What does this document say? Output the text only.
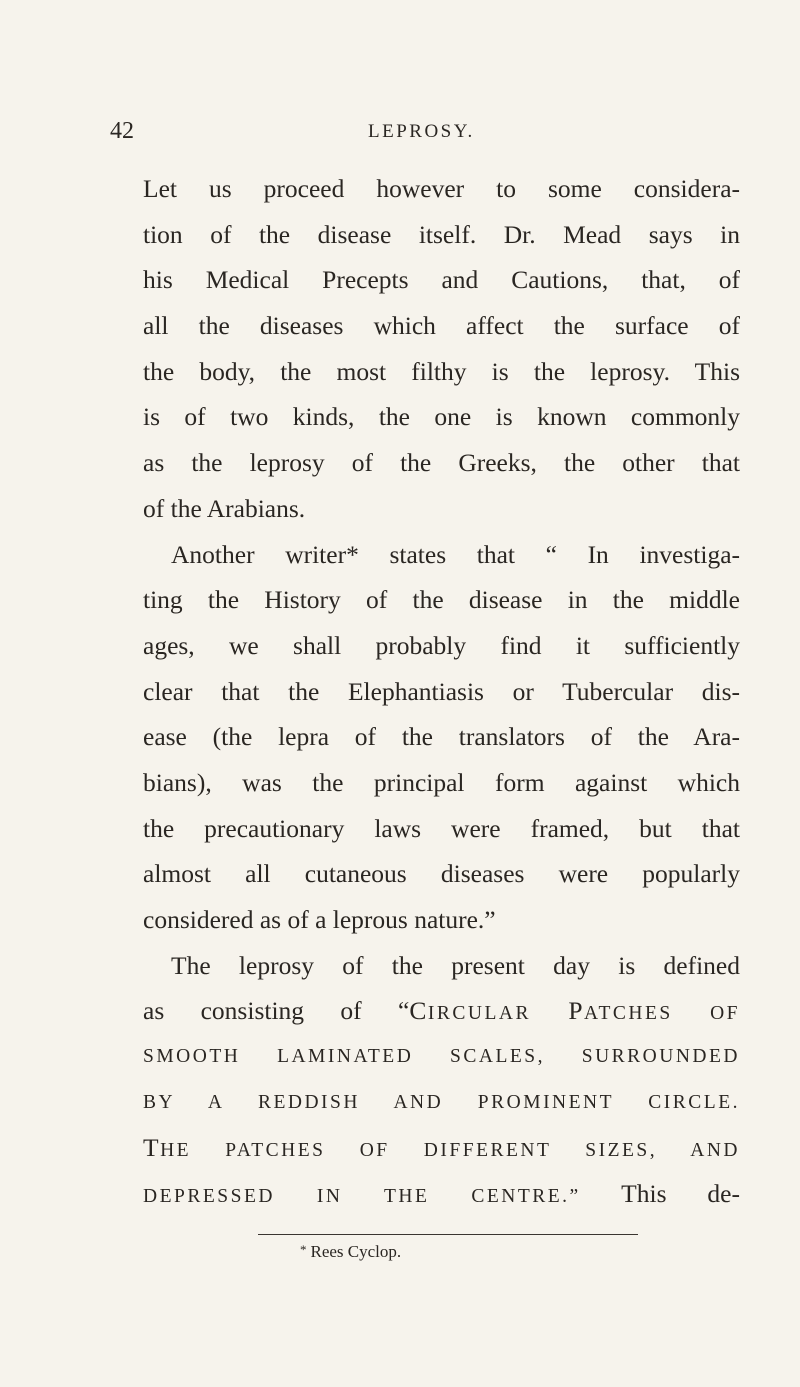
42	LEPROSY.
Let us proceed however to some considera-
tion of the disease itself. Dr. Mead says in
his Medical Precepts and Cautions, that, of
all the diseases which affect the surface of
the body, the most filthy is the leprosy. This
is of two kinds, the one is known commonly
as the leprosy of the Greeks, the other that
of the Arabians.
Another writer* states that “ In investiga-
ting the History of the disease in the middle
ages, we shall probably find it sufficiently
clear that the Elephantiasis or Tubercular dis-
ease (the lepra of the translators of the Ara-
bians), was the principal form against which
the precautionary laws were framed, but that
almost all cutaneous diseases were popularly
considered as of a leprous nature.”
The leprosy of the present day is defined
as consisting of “CIRCULAR PATCHES OF
SMOOTH LAMINATED SCALES, SURROUNDED
BY A REDDISH AND PROMINENT CIRCLE.
THE PATCHES OF DIFFERENT SIZES, AND
DEPRESSED IN THE CENTRE.” This de-
* Rees Cyclop.
